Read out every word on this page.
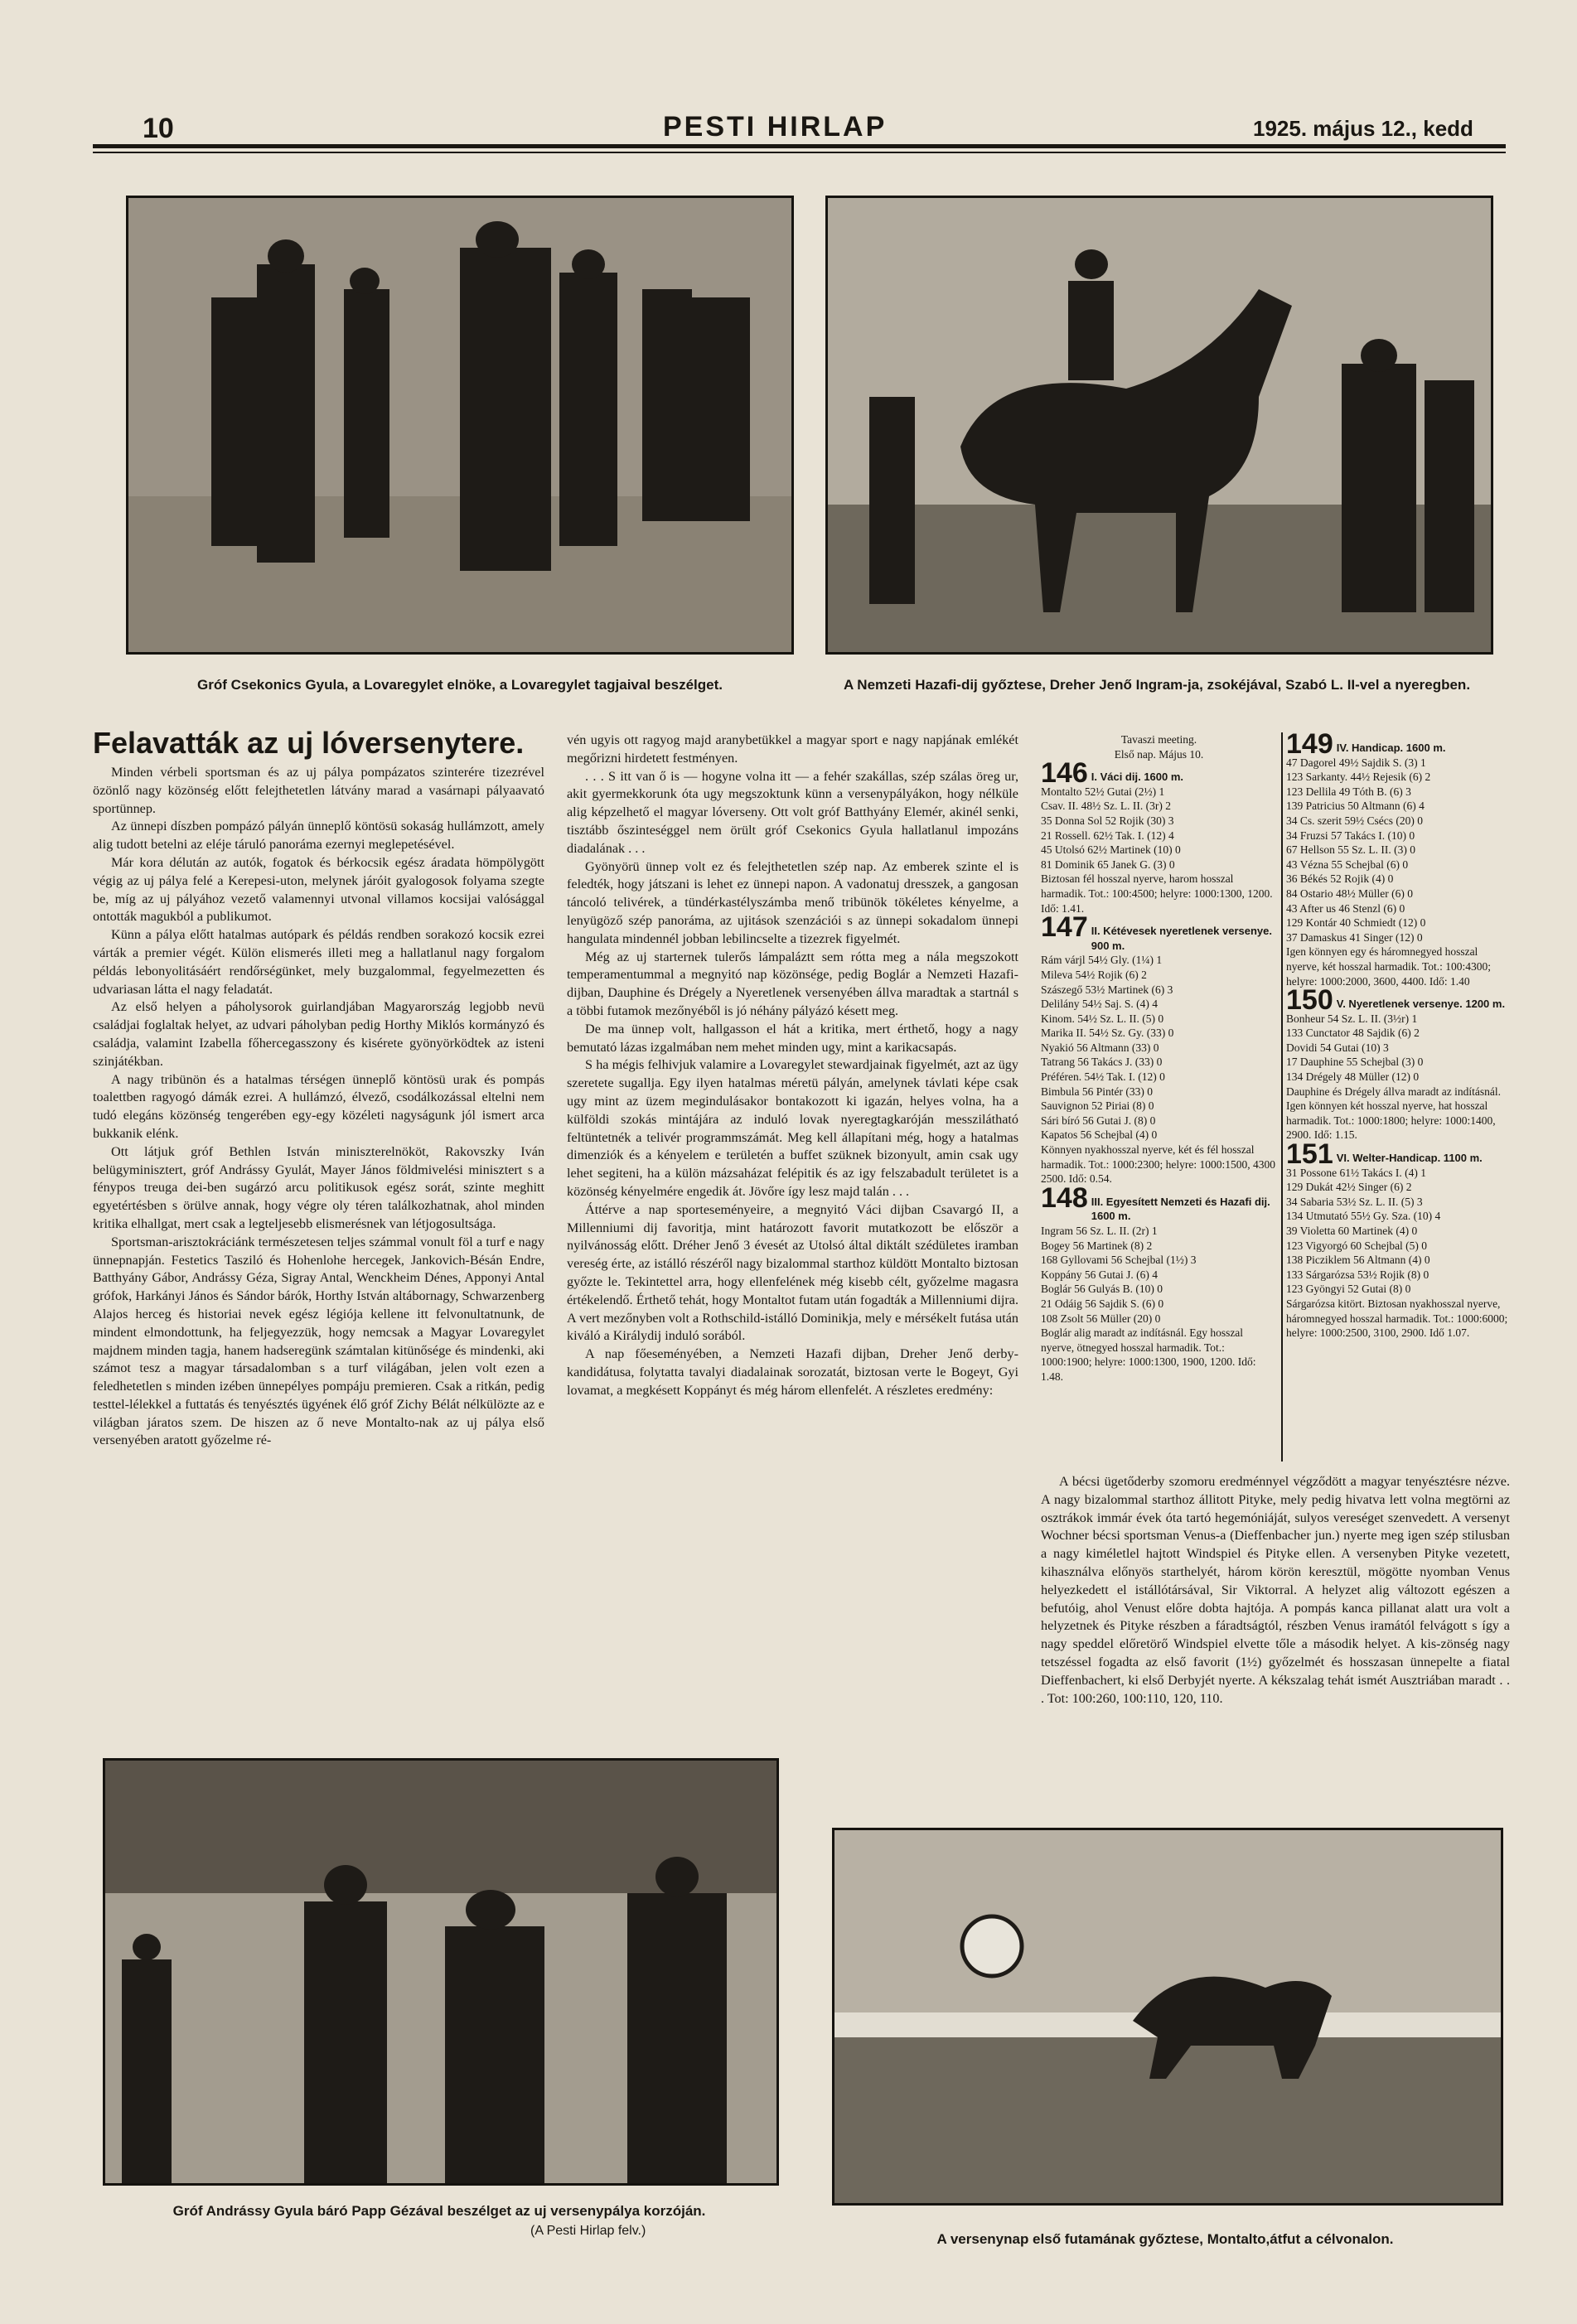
10	PESTI HIRLAP	1925. május 12., kedd
Gróf Csekonics Gyula, a Lovaregylet elnöke, a Lovaregylet tagjaival beszélget.	A Nemzeti Hazafi-dij győztese, Dreher Jenő Ingram-ja, zsokéjával, Szabó L. II-vel a nyeregben.
Felavatták az uj lóversenytere.

Minden vérbeli sportsman és az uj pálya pompázatos szinterére tizezrével özönlő nagy közönség előtt felejthetetlen látvány marad a vasárnapi pályaavató sportünnep.

Az ünnepi díszben pompázó pályán ünneplő köntösü sokaság hullámzott, amely alig tudott betelni az eléje táruló panoráma ezernyi meglepetésével.

Már kora délután az autók, fogatok és bérkocsik egész áradata hömpölygött végig az uj pálya felé a Kerepesi-uton, melynek járóit gyalogosok folyama szegte be, míg az uj pályához vezető valamennyi utvonal villamos kocsijai valósággal ontották magukból a publikumot.

Künn a pálya előtt hatalmas autópark és példás rendben sorakozó kocsik ezrei várták a premier végét. Külön elismerés illeti meg a hallatlanul nagy forgalom példás lebonyolitásáért rendőrségünket, mely buzgalommal, fegyelmezetten és udvariasan látta el nagy feladatát.

Az első helyen a páholysorok guirlandjában Magyarország legjobb nevü családjai foglaltak helyet, az udvari páholyban pedig Horthy Miklós kormányzó és családja, valamint Izabella főhercegasszony és kisérete gyönyörködtek az isteni szinjátékban.

A nagy tribünön és a hatalmas térségen ünneplő köntösü urak és pompás toalettben ragyogó dámák ezrei. A hullámzó, élvező, csodálkozással eltelni nem tudó elegáns közönség tengerében egy-egy közéleti nagyságunk jól ismert arca bukkanik elénk.

Ott látjuk gróf Bethlen István miniszterelnököt, Rakovszky Iván belügyminisztert, gróf Andrássy Gyulát, Mayer János földmivelési minisztert s a fénypos treuga dei-ben sugárzó arcu politikusok egész sorát, szinte meghitt egyetértésben s örülve annak, hogy végre oly téren találkozhatnak, ahol minden kritika elhallgat, mert csak a legteljesebb elismerésnek van létjogosultsága.

Sportsman-arisztokráciánk természetesen teljes számmal vonult föl a turf e nagy ünnepnapján. Festetics Tasziló és Hohenlohe hercegek, Jankovich-Bésán Endre, Batthyány Gábor, Andrássy Géza, Sigray Antal, Wenckheim Dénes, Apponyi Antal grófok, Harkányi János és Sándor bárók, Horthy István altábornagy, Schwarzenberg Alajos herceg és historiai nevek egész légiója kellene itt felvonultatnunk, de mindent elmondottunk, ha feljegyezzük, hogy nemcsak a Magyar Lovaregylet majdnem minden tagja, hanem hadseregünk számtalan kitünősége és mindenki, aki számot tesz a magyar társadalomban s a turf világában, jelen volt ezen a feledhetetlen s minden izében ünnepélyes pompáju premieren. Csak a ritkán, pedig testtel-lélekkel a futtatás és tenyésztés ügyének élő gróf Zichy Bélát nélkülözte az e világban járatos szem. De hiszen az ő neve Montalto-nak az uj pálya első versenyében aratott győzelme ré-

vén ugyis ott ragyog majd aranybetükkel a magyar sport e nagy napjának emlékét megőrizni hirdetett festményen.

. . . S itt van ő is — hogyne volna itt — a fehér szakállas, szép szálas öreg ur, akit gyermekkorunk óta ugy megszoktunk künn a versenypályákon, hogy nélküle alig képzelhető el magyar lóverseny. Ott volt gróf Batthyány Elemér, akinél senki, tisztább őszinteséggel nem örült gróf Csekonics Gyula hallatlanul impozáns diadalának . . .

Gyönyörü ünnep volt ez és felejthetetlen szép nap. Az emberek szinte el is feledték, hogy játszani is lehet ez ünnepi napon. A vadonatuj dresszek, a gangosan táncoló telivérek, a tündérkastélyszámba menő tribünök tökéletes kényelme, a lenyügöző szép panoráma, az ujitások szenzációi s az ünnepi sokadalom ünnepi hangulata mindennél jobban lebilincselte a tizezrek figyelmét.

Még az uj starternek tulerős lámpaláztt sem rótta meg a nála megszokott temperamentummal a megnyitó nap közönsége, pedig Boglár a Nemzeti Hazafi-dijban, Dauphine és Drégely a Nyeretlenek versenyében állva maradtak a startnál s a többi futamok mezőnyéből is jó néhány pályázó késett meg.

De ma ünnep volt, hallgasson el hát a kritika, mert érthető, hogy a nagy bemutató lázas izgalmában nem mehet minden ugy, mint a karikacsapás.

S ha mégis felhivjuk valamire a Lovaregylet stewardjainak figyelmét, azt az ügy szeretete sugallja. Egy ilyen hatalmas méretü pályán, amelynek távlati képe csak ugy mint az üzem megindulásakor bontakozott ki igazán, helyes volna, ha a külföldi szokás mintájára az induló lovak nyeregtagkaróján messzilátható feltüntetnék a telivér programmszámát. Meg kell állapítani még, hogy a hatalmas dimenziók és a kényelem e területén a buffet szüknek bizonyult, amin csak ugy lehet segiteni, ha a külön mázsaházat felépitik és az igy felszabadult területet is a közönség kényelmére engedik át. Jövőre így lesz majd talán . . .

Áttérve a nap sporteseményeire, a megnyitó Váci dijban Csavargó II, a Millenniumi dij favoritja, mint határozott favorit mutatkozott be először a nyilvánosság előtt. Dréher Jenő 3 évesét az Utolsó által diktált szédületes iramban vereség érte, az istálló részéről nagy bizalommal starthoz küldött Montalto biztosan győzte le. Tekintettel arra, hogy ellenfelének még kisebb célt, győzelme magasra értékelendő. Érthető tehát, hogy Montaltot futam után fogadták a Millenniumi dijra. A vert mezőnyben volt a Rothschild-istálló Dominikja, mely e mérsékelt futása után kiváló a Királydij induló sorából.

A nap főeseményében, a Nemzeti Hazafi dijban, Dreher Jenő derby-kandidátusa, folytatta tavalyi diadalainak sorozatát, biztosan verte le Bogeyt, Gyi lovamat, a megkésett Koppányt és még három ellenfelét. A részletes eredmény:

Tavaszi meeting.

Első nap. Május 10.

146 I. Váci dij. 1600 m.

Montalto 52½ Gutai (2½) 1

Csav. II. 48½ Sz. L. II. (3r) 2

35 Donna Sol 52 Rojik (30) 3

21 Rossell. 62½ Tak. I. (12) 4

45 Utolsó 62½ Martinek (10) 0

81 Dominik 65 Janek G. (3) 0

Biztosan fél hosszal nyerve, harom hosszal harmadik. Tot.: 100:4500; helyre: 1000:1300, 1200. Idő: 1.41.

147 II. Kétévesek nyeretlenek versenye. 900 m.

Rám várjl 54½ Gly. (1¼) 1

Mileva 54½ Rojik (6) 2

Szászegő 53½ Martinek (6) 3

Delilány 54½ Saj. S. (4) 4

Kinom. 54½ Sz. L. II. (5) 0

Marika II. 54½ Sz. Gy. (33) 0

Nyakió 56 Altmann (33) 0

Tatrang 56 Takács J. (33) 0

Préféren. 54½ Tak. I. (12) 0

Bimbula 56 Pintér (33) 0

Sauvignon 52 Piriai (8) 0

Sári bíró 56 Gutai J. (8) 0

Kapatos 56 Schejbal (4) 0

Könnyen nyakhosszal nyerve, két és fél hosszal harmadik. Tot.: 1000:2300; helyre: 1000:1500, 4300 2500. Idő: 0.54.

148 III. Egyesített Nemzeti és Hazafi dij. 1600 m.

Ingram 56 Sz. L. II. (2r) 1

Bogey 56 Martinek (8) 2

168 Gyllovami 56 Schejbal (1½) 3

Koppány 56 Gutai J. (6) 4

Boglár 56 Gulyás B. (10) 0

21 Odáig 56 Sajdik S. (6) 0

108 Zsolt 56 Müller (20) 0

Boglár alig maradt az indításnál. Egy hosszal nyerve, ötnegyed hosszal harmadik. Tot.: 1000:1900; helyre: 1000:1300, 1900, 1200. Idő: 1.48.

149 IV. Handicap. 1600 m.

47 Dagorel 49½ Sajdik S. (3) 1

123 Sarkanty. 44½ Rejesik (6) 2

123 Dellila 49 Tóth B. (6) 3

139 Patricius 50 Altmann (6) 4

34 Cs. szerit 59½ Csécs (20) 0

34 Fruzsi 57 Takács I. (10) 0

67 Hellson 55 Sz. L. II. (3) 0

43 Vézna 55 Schejbal (6) 0

36 Békés 52 Rojik (4) 0

84 Ostario 48½ Müller (6) 0

43 After us 46 Stenzl (6) 0

129 Kontár 40 Schmiedt (12) 0

37 Damaskus 41 Singer (12) 0

Igen könnyen egy és háromnegyed hosszal nyerve, két hosszal harmadik. Tot.: 100:4300; helyre: 1000:2000, 3600, 4400. Idő: 1.40

150 V. Nyeretlenek versenye. 1200 m.

Bonheur 54 Sz. L. II. (3½r) 1

133 Cunctator 48 Sajdik (6) 2

Dovidi 54 Gutai (10) 3

17 Dauphine 55 Schejbal (3) 0

134 Drégely 48 Müller (12) 0

Dauphine és Drégely állva maradt az indításnál. Igen könnyen két hosszal nyerve, hat hosszal harmadik. Tot.: 1000:1800; helyre: 1000:1400, 2900. Idő: 1.15.

151 VI. Welter-Handicap. 1100 m.

31 Possone 61½ Takács I. (4) 1

129 Dukát 42½ Singer (6) 2

34 Sabaria 53½ Sz. L. II. (5) 3

134 Utmutató 55½ Gy. Sza. (10) 4

39 Violetta 60 Martinek (4) 0

123 Vigyorgó 60 Schejbal (5) 0

138 Picziklem 56 Altmann (4) 0

133 Sárgarózsa 53½ Rojik (8) 0

123 Gyöngyi 52 Gutai (8) 0

Sárgarózsa kitört. Biztosan nyakhosszal nyerve, háromnegyed hosszal harmadik. Tot.: 1000:6000; helyre: 1000:2500, 3100, 2900. Idő 1.07.

A bécsi ügetőderby szomoru eredménnyel végződött a magyar tenyésztésre nézve. A nagy bizalommal starthoz állitott Pityke, mely pedig hivatva lett volna megtörni az osztrákok immár évek óta tartó hegemóniáját, sulyos vereséget szenvedett. A versenyt Wochner bécsi sportsman Venus-a (Dieffenbacher jun.) nyerte meg igen szép stilusban a nagy kiméletlel hajtott Windspiel és Pityke ellen. A versenyben Pityke vezetett, kihasználva előnyös starthelyét, három körön keresztül, mögötte nyomban Venus helyezkedett el istállótársával, Sir Viktorral. A helyzet alig változott egészen a befutóig, ahol Venust előre dobta hajtója. A pompás kanca pillanat alatt ura volt a helyzetnek és Pityke részben a fáradtságtól, részben Venus iramától felvágott s így a nagy speddel előretörő Windspiel elvette tőle a második helyet. A kis-zönség nagy tetszéssel fogadta az első favorit (1½) győzelmét és hosszasan ünnepelte a fiatal Dieffenbachert, ki első Derbyjét nyerte. A kékszalag tehát ismét Ausztriában maradt . . . Tot: 100:260, 100:110, 120, 110.

Gróf Andrássy Gyula báró Papp Gézával beszélget az uj versenypálya korzóján.
(A Pesti Hirlap felv.)
A versenynap első futamának győztese, Montalto,átfut a célvonalon.
